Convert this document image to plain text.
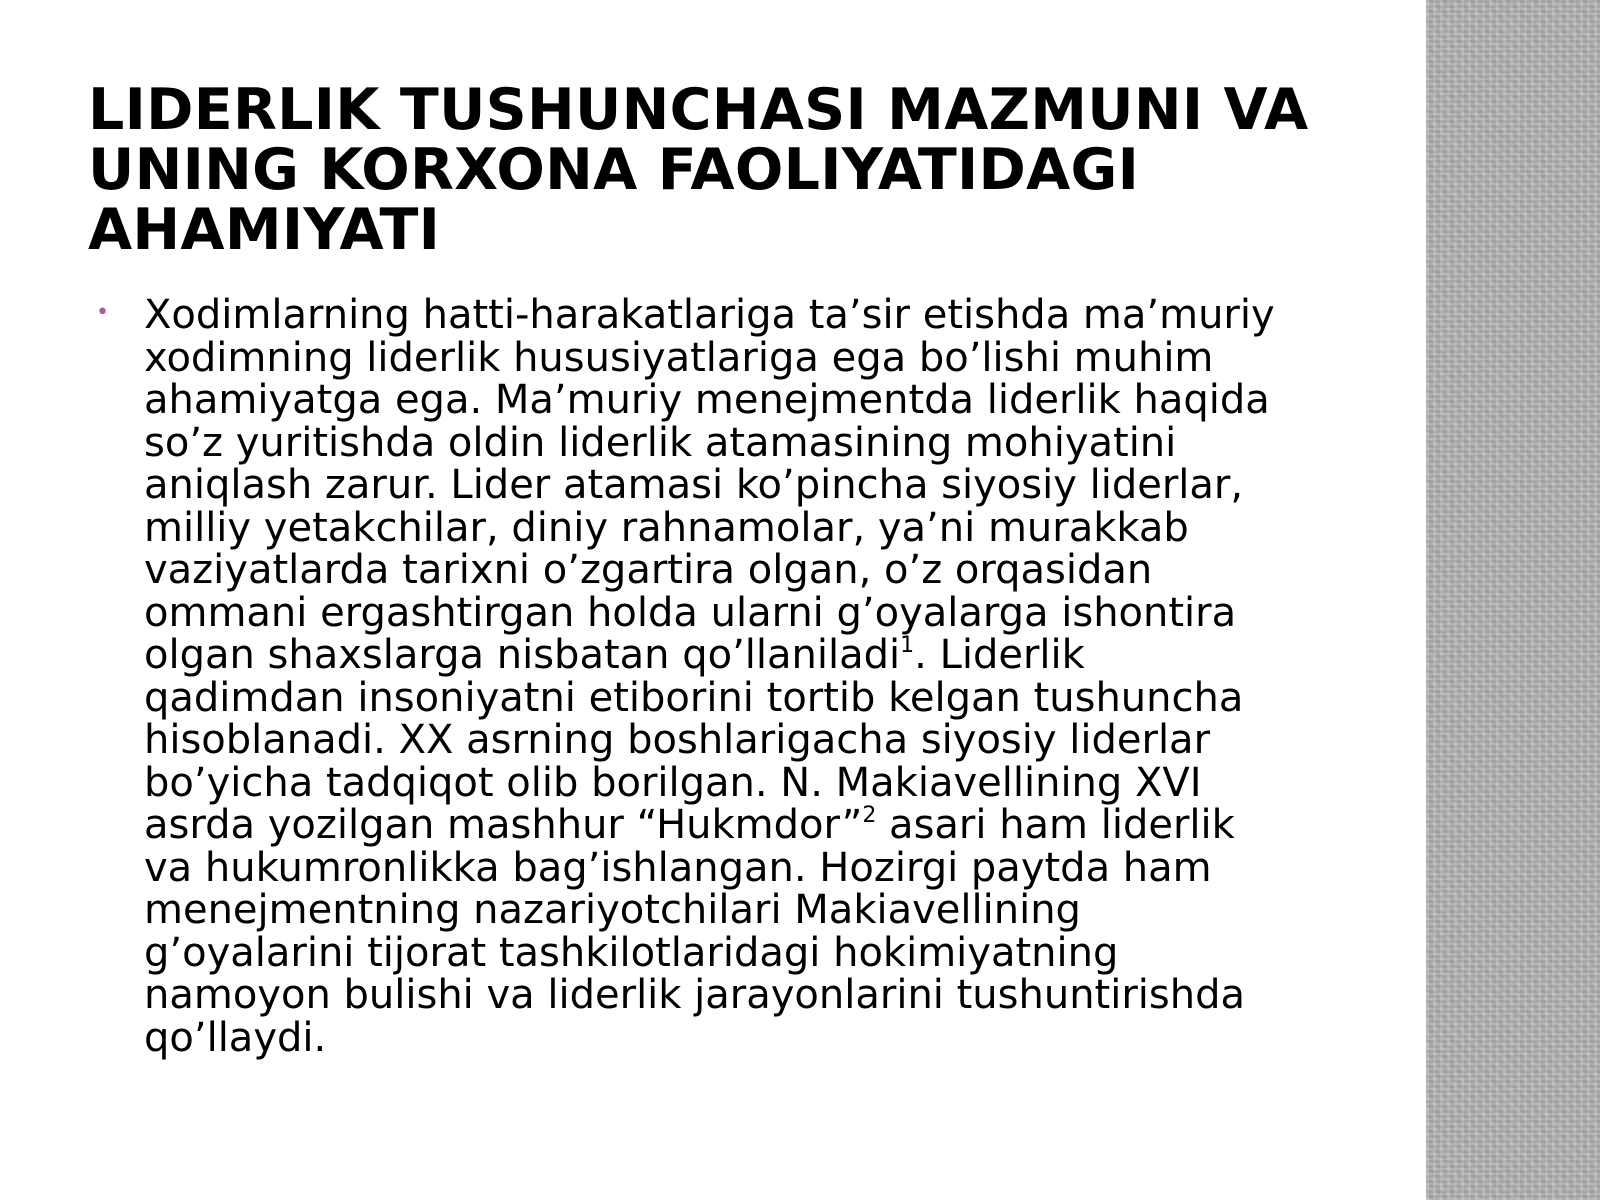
LIDERLIK TUSHUNCHASI MAZMUNI VA
UNING KORXONA FAOLIYATIDAGI
AHAMIYATI
• Xodimlarning hatti-harakatlariga ta’sir etishda ma’muriy
xodimning liderlik hususiyatlariga ega bo’lishi muhim
ahamiyatga ega. Ma’muriy menejmentda liderlik haqida
so’z yuritishda oldin liderlik atamasining mohiyatini
aniqlash zarur. Lider atamasi ko’pincha siyosiy liderlar,
milliy yetakchilar, diniy rahnamolar, ya’ni murakkab
vaziyatlarda tarixni o’zgartira olgan, o’z orqasidan
ommani ergashtirgan holda ularni g’oyalarga ishontira
olgan shaxslarga nisbatan qo’llaniladi$^1$. Liderlik
qadimdan insoniyatni etiborini tortib kelgan tushuncha
hisoblanadi. XX asrning boshlarigacha siyosiy liderlar
bo’yicha tadqiqot olib borilgan. N. Makiavellining XVI
asrda yozilgan mashhur “Hukmdor”$^2$ asari ham liderlik
va hukumronlikka bag’ishlangan. Hozirgi paytda ham
menejmentning nazariyotchilari Makiavellining
g’oyalarini tijorat tashkilotlaridagi hokimiyatning
namoyon bulishi va liderlik jarayonlarini tushuntirishda
qo’llaydi.
